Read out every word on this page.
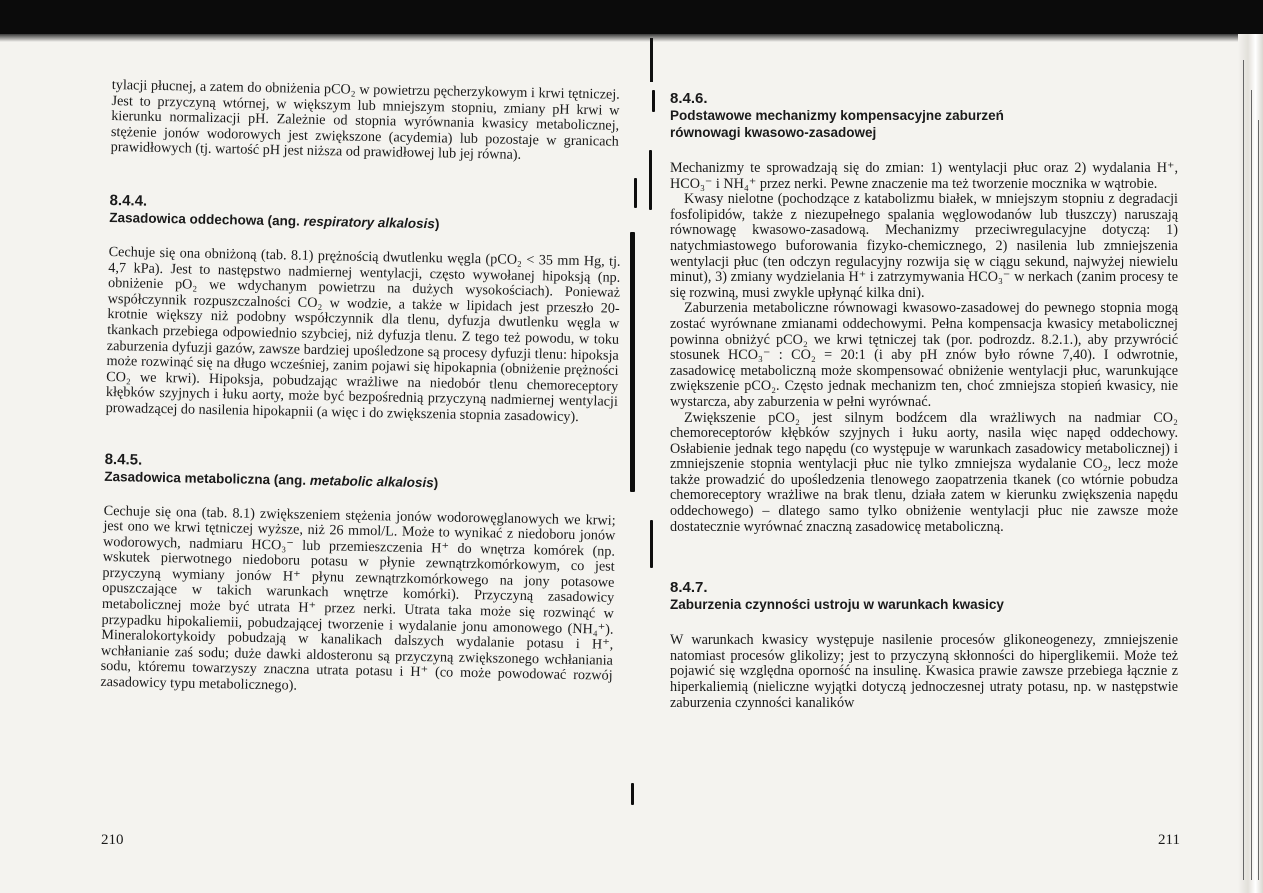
tylacji płucnej, a zatem do obniżenia pCO₂ w powietrzu pęcherzykowym i krwi tętniczej. Jest to przyczyną wtórnej, w większym lub mniejszym stopniu, zmiany pH krwi w kierunku normalizacji pH. Zależnie od stopnia wyrównania kwasicy metabolicznej, stężenie jonów wodorowych jest zwiększone (acydemia) lub pozostaje w granicach prawidłowych (tj. wartość pH jest niższa od prawidłowej lub jej równa).

8.4.4.

Zasadowica oddechowa (ang. respiratory alkalosis)

Cechuje się ona obniżoną (tab. 8.1) prężnością dwutlenku węgla (pCO₂ < 35 mm Hg, tj. 4,7 kPa). Jest to następstwo nadmiernej wentylacji, często wywołanej hipoksją (np. obniżenie pO₂ we wdychanym powietrzu na dużych wysokościach). Ponieważ współczynnik rozpuszczalności CO₂ w wodzie, a także w lipidach jest przeszło 20-krotnie większy niż podobny współczynnik dla tlenu, dyfuzja dwutlenku węgla w tkankach przebiega odpowiednio szybciej, niż dyfuzja tlenu. Z tego też powodu, w toku zaburzenia dyfuzji gazów, zawsze bardziej upośledzone są procesy dyfuzji tlenu: hipoksja może rozwinąć się na długo wcześniej, zanim pojawi się hipokapnia (obniżenie prężności CO₂ we krwi). Hipoksja, pobudzając wrażliwe na niedobór tlenu chemoreceptory kłębków szyjnych i łuku aorty, może być bezpośrednią przyczyną nadmiernej wentylacji prowadzącej do nasilenia hipokapnii (a więc i do zwiększenia stopnia zasadowicy).

8.4.5.

Zasadowica metaboliczna (ang. metabolic alkalosis)

Cechuje się ona (tab. 8.1) zwiększeniem stężenia jonów wodorowęglanowych we krwi; jest ono we krwi tętniczej wyższe, niż 26 mmol/L. Może to wynikać z niedoboru jonów wodorowych, nadmiaru HCO₃⁻ lub przemieszczenia H⁺ do wnętrza komórek (np. wskutek pierwotnego niedoboru potasu w płynie zewnątrzkomórkowym, co jest przyczyną wymiany jonów H⁺ płynu zewnątrzkomórkowego na jony potasowe opuszczające w takich warunkach wnętrze komórki). Przyczyną zasadowicy metabolicznej może być utrata H⁺ przez nerki. Utrata taka może się rozwinąć w przypadku hipokaliemii, pobudzającej tworzenie i wydalanie jonu amonowego (NH₄⁺). Mineralokortykoidy pobudzają w kanalikach dalszych wydalanie potasu i H⁺, wchłanianie zaś sodu; duże dawki aldosteronu są przyczyną zwiększonego wchłaniania sodu, któremu towarzyszy znaczna utrata potasu i H⁺ (co może powodować rozwój zasadowicy typu metabolicznego).

210

8.4.6.

Podstawowe mechanizmy kompensacyjne zaburzeń
równowagi kwasowo-zasadowej

Mechanizmy te sprowadzają się do zmian: 1) wentylacji płuc oraz 2) wydalania H⁺, HCO₃⁻ i NH₄⁺ przez nerki. Pewne znaczenie ma też tworzenie mocznika w wątrobie.

Kwasy nielotne (pochodzące z katabolizmu białek, w mniejszym stopniu z degradacji fosfolipidów, także z niezupełnego spalania węglowodanów lub tłuszczy) naruszają równowagę kwasowo-zasadową. Mechanizmy przeciwregulacyjne dotyczą: 1) natychmiastowego buforowania fizyko-chemicznego, 2) nasilenia lub zmniejszenia wentylacji płuc (ten odczyn regulacyjny rozwija się w ciągu sekund, najwyżej niewielu minut), 3) zmiany wydzielania H⁺ i zatrzymywania HCO₃⁻ w nerkach (zanim procesy te się rozwiną, musi zwykle upłynąć kilka dni).

Zaburzenia metaboliczne równowagi kwasowo-zasadowej do pewnego stopnia mogą zostać wyrównane zmianami oddechowymi. Pełna kompensacja kwasicy metabolicznej powinna obniżyć pCO₂ we krwi tętniczej tak (por. podrozdz. 8.2.1.), aby przywrócić stosunek HCO₃⁻ : CO₂ = 20:1 (i aby pH znów było równe 7,40). I odwrotnie, zasadowicę metaboliczną może skompensować obniżenie wentylacji płuc, warunkujące zwiększenie pCO₂. Często jednak mechanizm ten, choć zmniejsza stopień kwasicy, nie wystarcza, aby zaburzenia w pełni wyrównać.

Zwiększenie pCO₂ jest silnym bodźcem dla wrażliwych na nadmiar CO₂ chemoreceptorów kłębków szyjnych i łuku aorty, nasila więc napęd oddechowy. Osłabienie jednak tego napędu (co występuje w warunkach zasadowicy metabolicznej) i zmniejszenie stopnia wentylacji płuc nie tylko zmniejsza wydalanie CO₂, lecz może także prowadzić do upośledzenia tlenowego zaopatrzenia tkanek (co wtórnie pobudza chemoreceptory wrażliwe na brak tlenu, działa zatem w kierunku zwiększenia napędu oddechowego) – dlatego samo tylko obniżenie wentylacji płuc nie zawsze może dostatecznie wyrównać znaczną zasadowicę metaboliczną.

8.4.7.

Zaburzenia czynności ustroju w warunkach kwasicy

W warunkach kwasicy występuje nasilenie procesów glikoneogenezy, zmniejszenie natomiast procesów glikolizy; jest to przyczyną skłonności do hiperglikemii. Może też pojawić się względna oporność na insulinę. Kwasica prawie zawsze przebiega łącznie z hiperkaliemią (nieliczne wyjątki dotyczą jednoczesnej utraty potasu, np. w następstwie zaburzenia czynności kanalików

211
